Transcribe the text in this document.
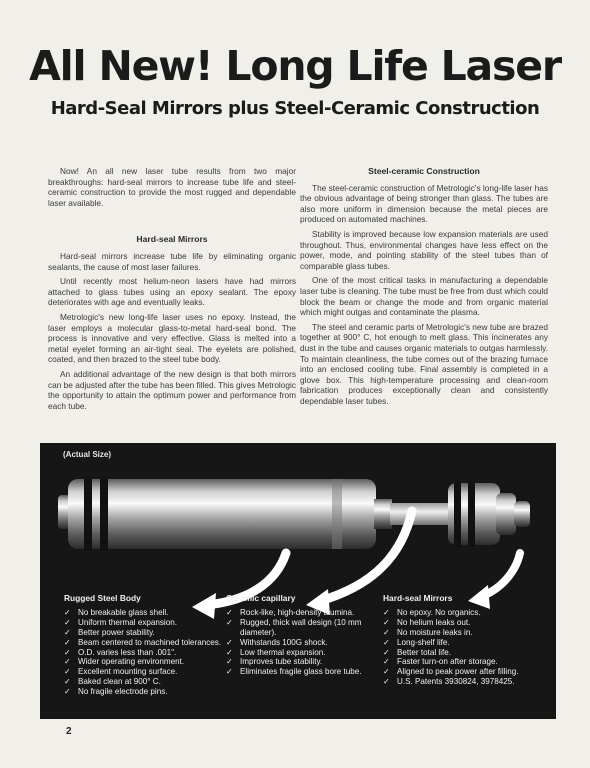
All New! Long Life Laser
Hard-Seal Mirrors plus Steel-Ceramic Construction

Now! An all new laser tube results from two major breakthroughs: hard-seal mirrors to increase tube life and steel-ceramic construction to provide the most rugged and dependable laser available.

Hard-seal Mirrors

Hard-seal mirrors increase tube life by eliminating organic sealants, the cause of most laser failures.

Until recently most helium-neon lasers have had mirrors attached to glass tubes using an epoxy sealant. The epoxy deteriorates with age and eventually leaks.

Metrologic's new long-life laser uses no epoxy. Instead, the laser employs a molecular glass-to-metal hard-seal bond. The process is innovative and very effective. Glass is melted into a metal eyelet forming an air-tight seal. The eyelets are polished, coated, and then brazed to the steel tube body.

An additional advantage of the new design is that both mirrors can be adjusted after the tube has been filled. This gives Metrologic the opportunity to attain the optimum power and performance from each tube.

Steel-ceramic Construction

The steel-ceramic construction of Metrologic's long-life laser has the obvious advantage of being stronger than glass. The tubes are also more uniform in dimension because the metal pieces are produced on automated machines.

Stability is improved because low expansion materials are used throughout. Thus, environmental changes have less effect on the power, mode, and pointing stability of the steel tubes than of comparable glass tubes.

One of the most critical tasks in manufacturing a dependable laser tube is cleaning. The tube must be free from dust which could block the beam or change the mode and from organic material which might outgas and contaminate the plasma.

The steel and ceramic parts of Metrologic's new tube are brazed together at 900° C, hot enough to melt glass. This incinerates any dust in the tube and causes organic materials to outgas harmlessly. To maintain cleanliness, the tube comes out of the brazing furnace into an enclosed cooling tube. Final assembly is completed in a glove box. This high-temperature processing and clean-room fabrication produces exceptionally clean and consistently dependable laser tubes.

(Actual Size)
Rugged Steel Body
✓ No breakable glass shell.
✓ Uniform thermal expansion.
✓ Better power stability.
✓ Beam centered to machined tolerances.
✓ O.D. varies less than .001".
✓ Wider operating environment.
✓ Excellent mounting surface.
✓ Baked clean at 900° C.
✓ No fragile electrode pins.
Ceramic capillary
✓ Rock-like, high-density alumina.
✓ Rugged, thick wall design (10 mm diameter).
✓ Withstands 100G shock.
✓ Low thermal expansion.
✓ Improves tube stability.
✓ Eliminates fragile glass bore tube.
Hard-seal Mirrors
✓ No epoxy. No organics.
✓ No helium leaks out.
✓ No moisture leaks in.
✓ Long-shelf life.
✓ Better total life.
✓ Faster turn-on after storage.
✓ Aligned to peak power after filling.
✓ U.S. Patents 3930824, 3978425.
2
